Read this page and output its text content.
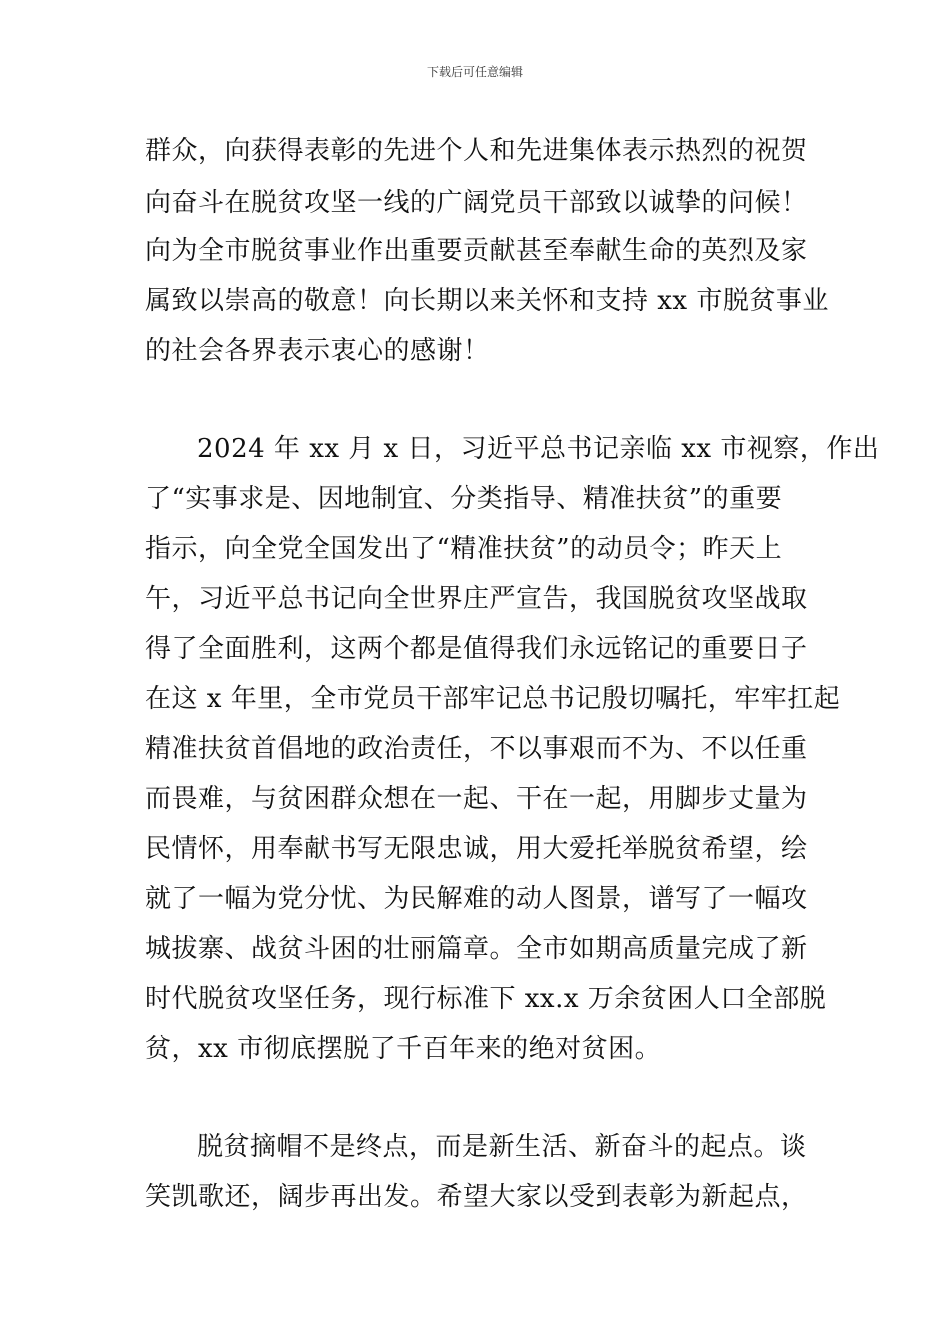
下载后可任意编辑
群众，向获得表彰的先进个人和先进集体表示热烈的祝贺
向奋斗在脱贫攻坚一线的广阔党员干部致以诚挚的问候！
向为全市脱贫事业作出重要贡献甚至奉献生命的英烈及家
属致以崇高的敬意！向长期以来关怀和支持 xx 市脱贫事业
的社会各界表示衷心的感谢！
2024 年 xx 月 x 日，习近平总书记亲临 xx 市视察，作出
了“实事求是、因地制宜、分类指导、精准扶贫”的重要
指示，向全党全国发出了“精准扶贫”的动员令；昨天上
午，习近平总书记向全世界庄严宣告，我国脱贫攻坚战取
得了全面胜利，这两个都是值得我们永远铭记的重要日子
在这 x 年里，全市党员干部牢记总书记殷切嘱托，牢牢扛起
精准扶贫首倡地的政治责任，不以事艰而不为、不以任重
而畏难，与贫困群众想在一起、干在一起，用脚步丈量为
民情怀，用奉献书写无限忠诚，用大爱托举脱贫希望，绘
就了一幅为党分忧、为民解难的动人图景，谱写了一幅攻
城拔寨、战贫斗困的壮丽篇章。全市如期高质量完成了新
时代脱贫攻坚任务，现行标准下 xx.x 万余贫困人口全部脱
贫，xx 市彻底摆脱了千百年来的绝对贫困。
脱贫摘帽不是终点，而是新生活、新奋斗的起点。谈
笑凯歌还，阔步再出发。希望大家以受到表彰为新起点，
